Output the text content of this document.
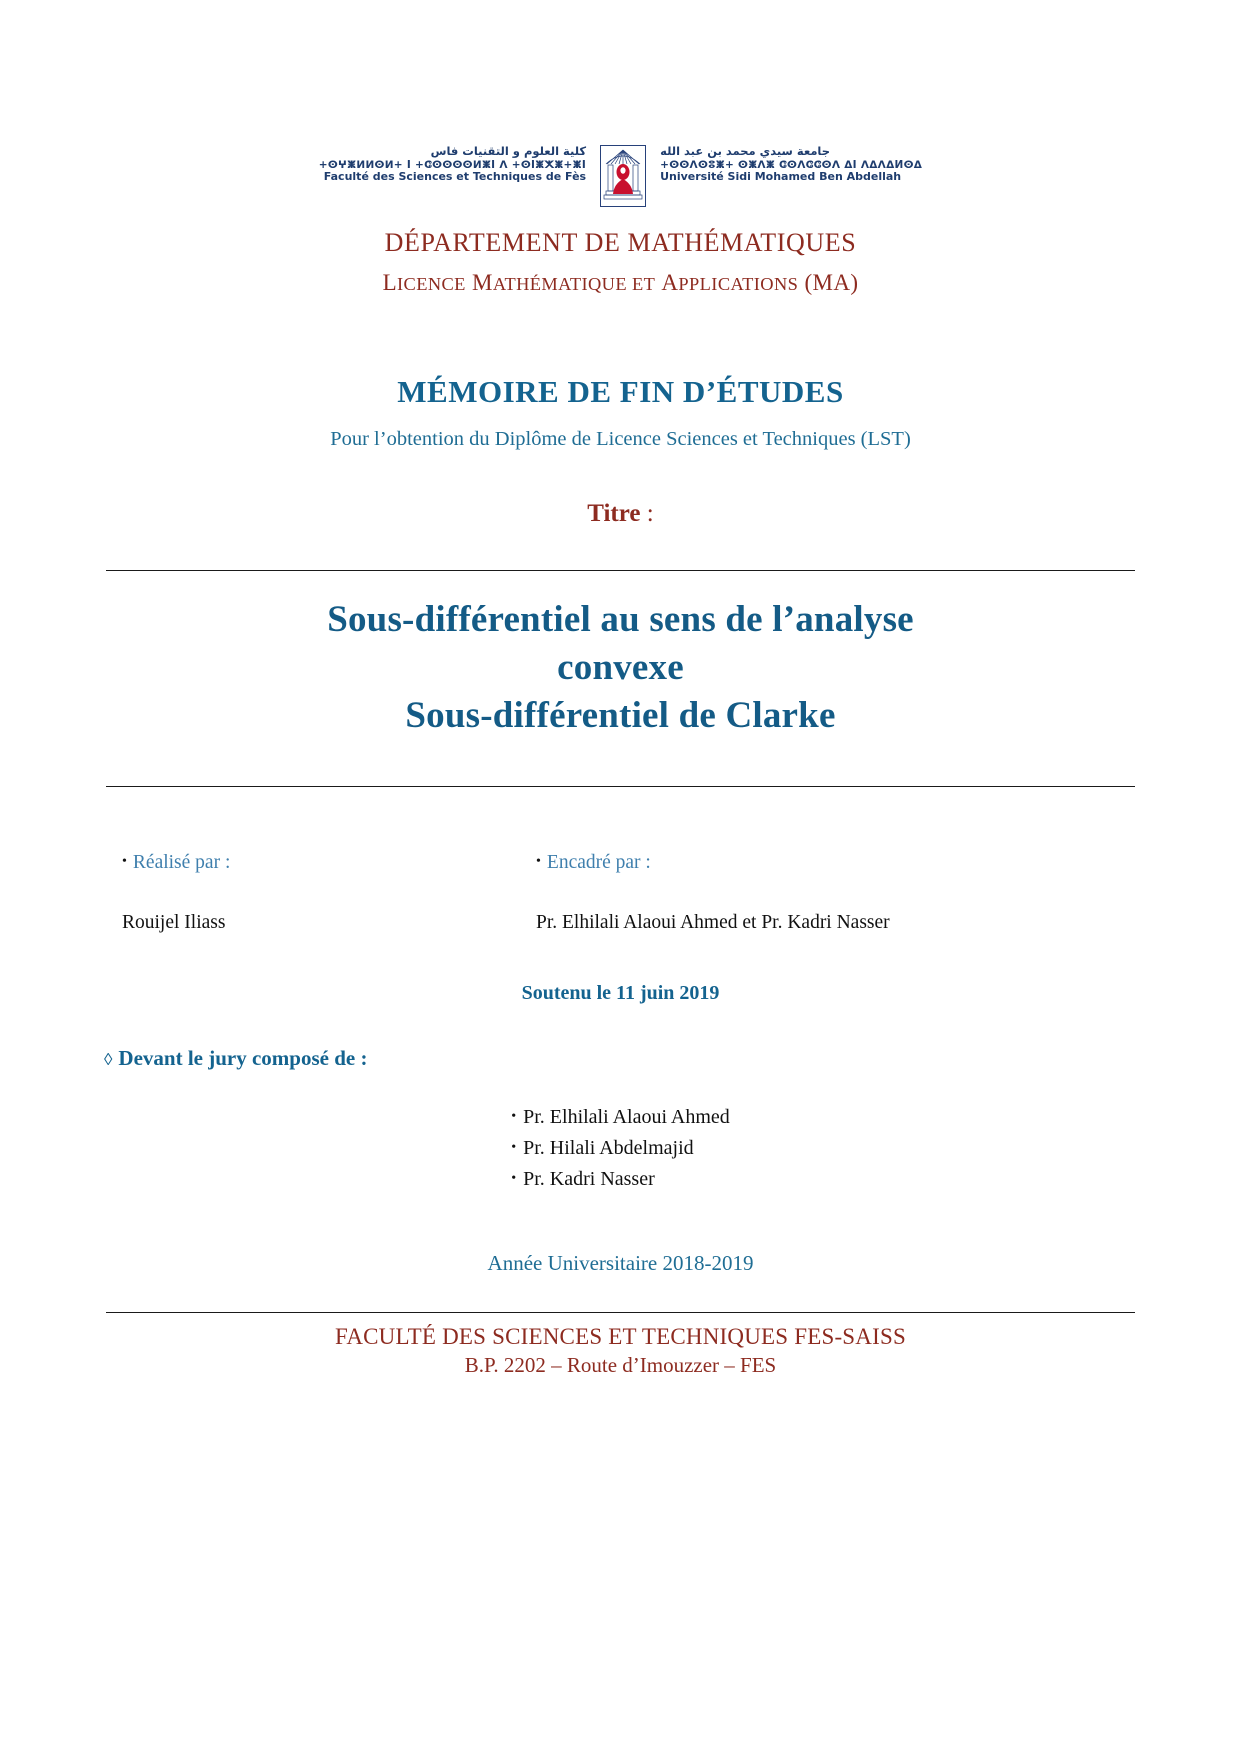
كلية العلوم و التقنيات فاس
+ⵙⵖⵥⵍⵍⵙⵍ+ I +ⵛⵙⵙⵙⵙⵍⵥI ⴷ +ⵙIⵥⵅⵥ+ⵥI
Faculté des Sciences et Techniques de Fès
جامعة سيدي محمد بن عبد الله
+ⵙⵙⴷⵙⵓⵥ+ ⵙⵥⴷⵥ ⵛⵙⴷⵛⵛⵙⴷ ⵠI ⴷⵠⴷⵠИⵙⵠ
Université Sidi Mohamed Ben Abdellah
DÉPARTEMENT DE MATHÉMATIQUES
LICENCE MATHÉMATIQUE ET APPLICATIONS (MA)
MÉMOIRE DE FIN D’ÉTUDES
Pour l’obtention du Diplôme de Licence Sciences et Techniques (LST)
Titre :
Sous-différentiel au sens de l’analyse
convexe
Sous-différentiel de Clarke
• Réalisé par :
Rouijel Iliass
• Encadré par :
Pr. Elhilali Alaoui Ahmed et Pr. Kadri Nasser
Soutenu le 11 juin 2019
◊ Devant le jury composé de :
• Pr. Elhilali Alaoui Ahmed
• Pr. Hilali Abdelmajid
• Pr. Kadri Nasser
Année Universitaire 2018-2019
FACULTÉ DES SCIENCES ET TECHNIQUES FES-SAISS
B.P. 2202 – Route d’Imouzzer – FES
